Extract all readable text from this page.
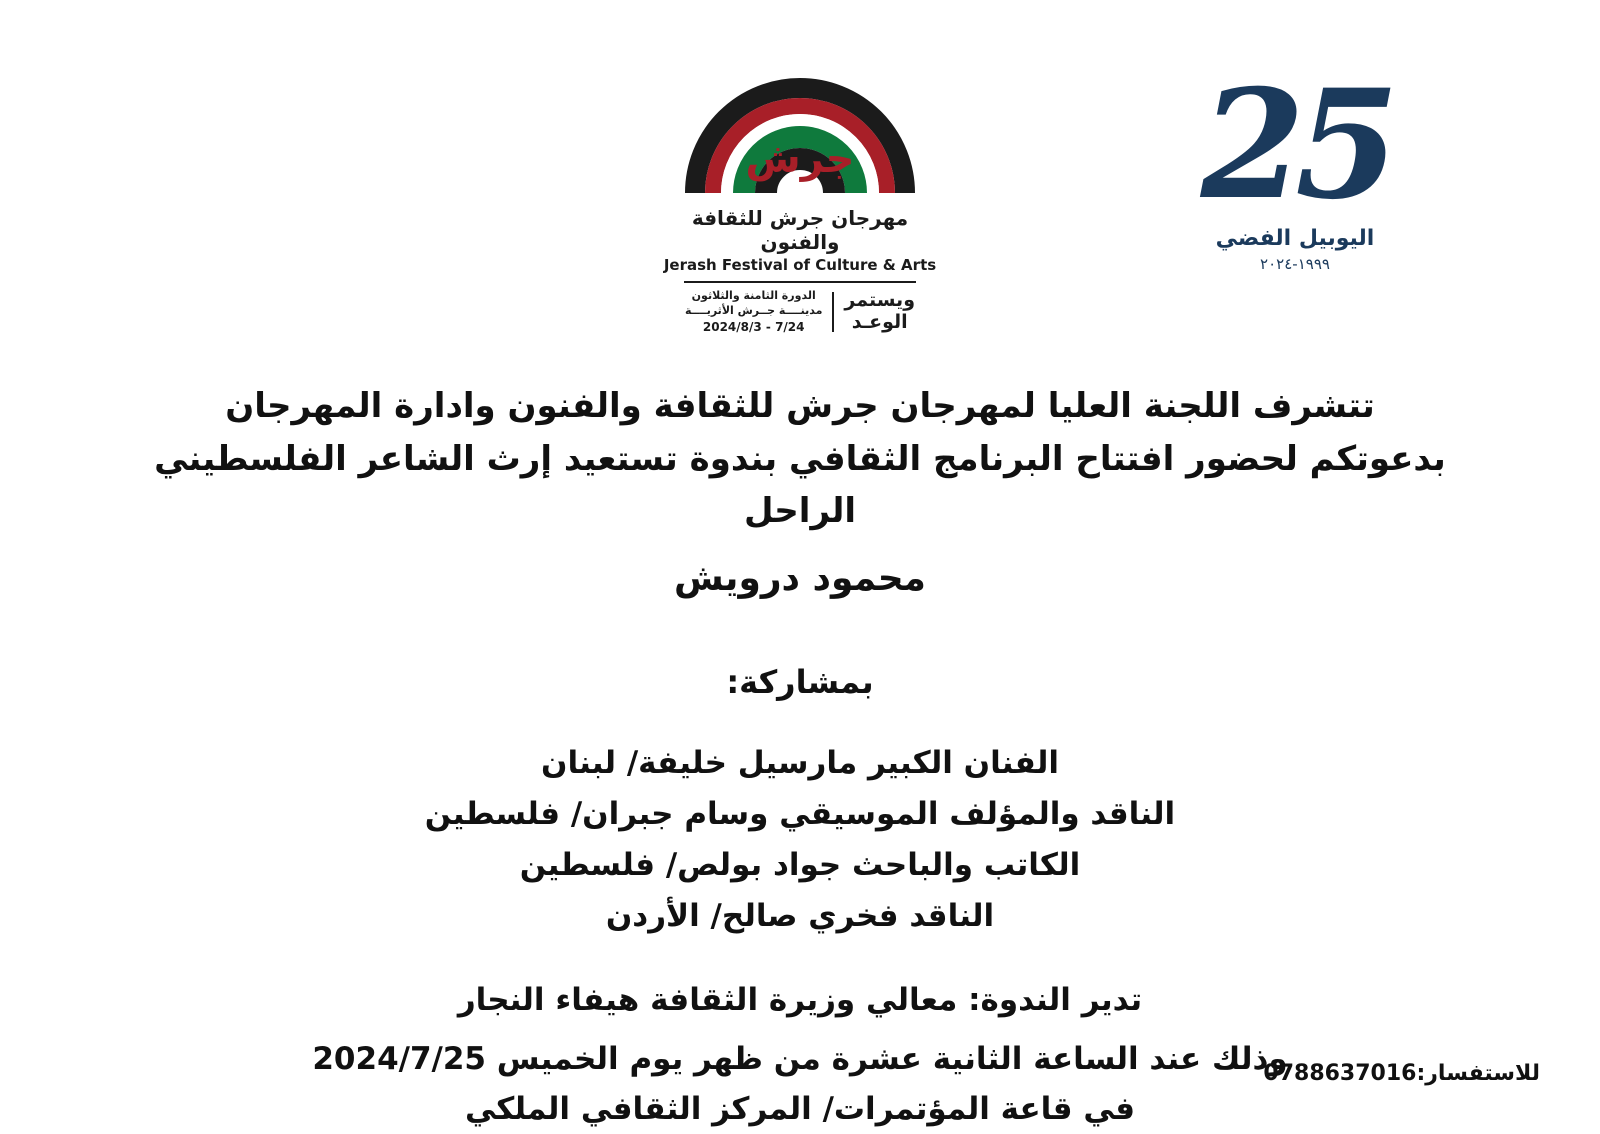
جرش
مهرجان جرش للثقافة والفنون
Jerash Festival of Culture & Arts
ويستمر
الوعـد
الدورة الثامنة والثلاثون
مدينــــة جــرش الأثريــــة
2024/8/3 - 7/24
25
اليوبيل الفضي
١٩٩٩-٢٠٢٤
تتشرف اللجنة العليا لمهرجان جرش للثقافة والفنون وادارة المهرجان
بدعوتكم لحضور افتتاح البرنامج الثقافي بندوة تستعيد إرث الشاعر الفلسطيني الراحل
محمود درويش
بمشاركة:
الفنان الكبير مارسيل خليفة/ لبنان
الناقد والمؤلف الموسيقي وسام جبران/ فلسطين
الكاتب والباحث جواد بولص/ فلسطين
الناقد فخري صالح/ الأردن
تدير الندوة: معالي وزيرة الثقافة هيفاء النجار
وذلك عند الساعة الثانية عشرة من ظهر يوم الخميس 2024/7/25
في قاعة المؤتمرات/ المركز الثقافي الملكي
للاستفسار:0788637016
